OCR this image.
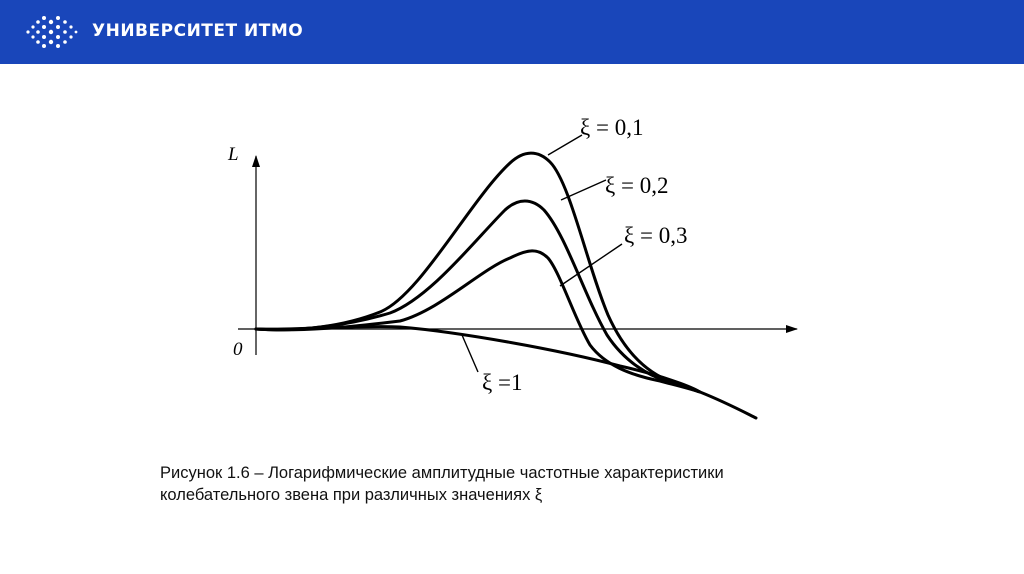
УНИВЕРСИТЕТ ИТМО
L
0
ξ = 0,1
ξ = 0,2
ξ = 0,3
ξ =1
Рисунок 1.6 – Логарифмические амплитудные частотные характеристики
колебательного звена при различных значениях ξ
